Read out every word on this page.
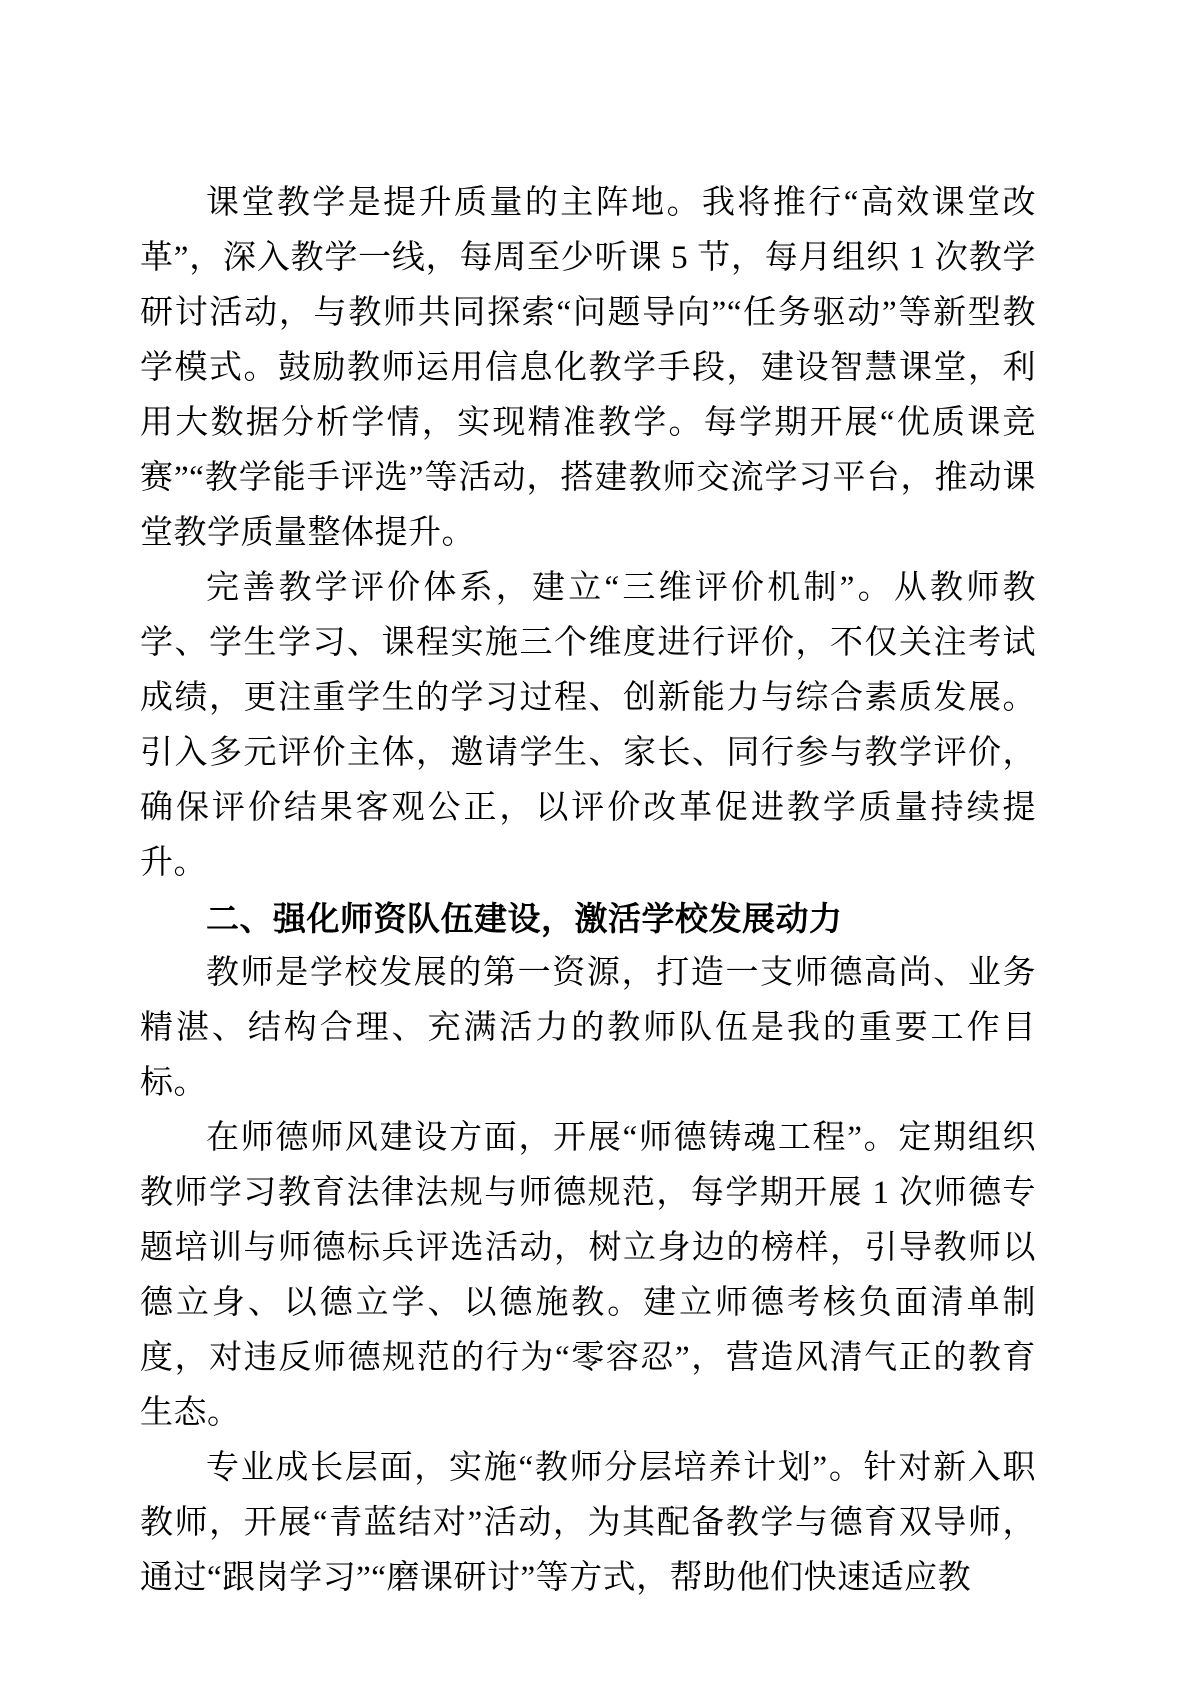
课堂教学是提升质量的主阵地。我将推行“高效课堂改革”，深入教学一线，每周至少听课 5 节，每月组织 1 次教学研讨活动，与教师共同探索“问题导向”“任务驱动”等新型教学模式。鼓励教师运用信息化教学手段，建设智慧课堂，利用大数据分析学情，实现精准教学。每学期开展“优质课竞赛”“教学能手评选”等活动，搭建教师交流学习平台，推动课堂教学质量整体提升。

完善教学评价体系，建立“三维评价机制”。从教师教学、学生学习、课程实施三个维度进行评价，不仅关注考试成绩，更注重学生的学习过程、创新能力与综合素质发展。引入多元评价主体，邀请学生、家长、同行参与教学评价，确保评价结果客观公正，以评价改革促进教学质量持续提升。

二、强化师资队伍建设，激活学校发展动力

教师是学校发展的第一资源，打造一支师德高尚、业务精湛、结构合理、充满活力的教师队伍是我的重要工作目标。

在师德师风建设方面，开展“师德铸魂工程”。定期组织教师学习教育法律法规与师德规范，每学期开展 1 次师德专题培训与师德标兵评选活动，树立身边的榜样，引导教师以德立身、以德立学、以德施教。建立师德考核负面清单制度，对违反师德规范的行为“零容忍”，营造风清气正的教育生态。

专业成长层面，实施“教师分层培养计划”。针对新入职教师，开展“青蓝结对”活动，为其配备教学与德育双导师，通过“跟岗学习”“磨课研讨”等方式，帮助他们快速适应教
